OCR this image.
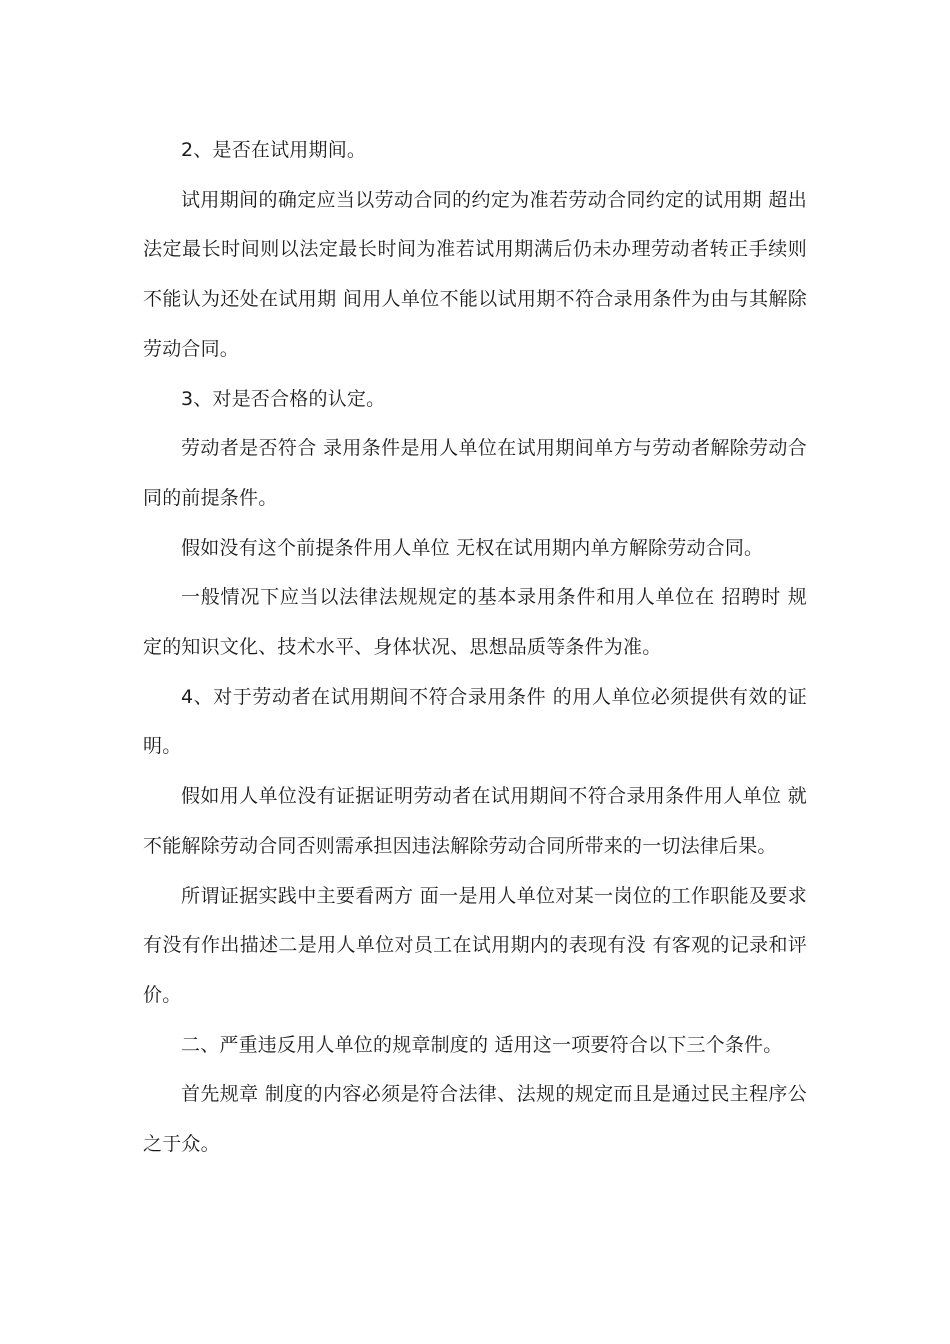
2、是否在试用期间。

试用期间的确定应当以劳动合同的约定为准若劳动合同约定的试用期 超出法定最长时间则以法定最长时间为准若试用期满后仍未办理劳动者转正手续则不能认为还处在试用期 间用人单位不能以试用期不符合录用条件为由与其解除劳动合同。

3、对是否合格的认定。

劳动者是否符合 录用条件是用人单位在试用期间单方与劳动者解除劳动合同的前提条件。

假如没有这个前提条件用人单位 无权在试用期内单方解除劳动合同。

一般情况下应当以法律法规规定的基本录用条件和用人单位在 招聘时 规定的知识文化、技术水平、身体状况、思想品质等条件为准。

4、对于劳动者在试用期间不符合录用条件 的用人单位必须提供有效的证明。

假如用人单位没有证据证明劳动者在试用期间不符合录用条件用人单位 就不能解除劳动合同否则需承担因违法解除劳动合同所带来的一切法律后果。

所谓证据实践中主要看两方 面一是用人单位对某一岗位的工作职能及要求有没有作出描述二是用人单位对员工在试用期内的表现有没 有客观的记录和评价。

二、严重违反用人单位的规章制度的 适用这一项要符合以下三个条件。

首先规章 制度的内容必须是符合法律、法规的规定而且是通过民主程序公之于众。
